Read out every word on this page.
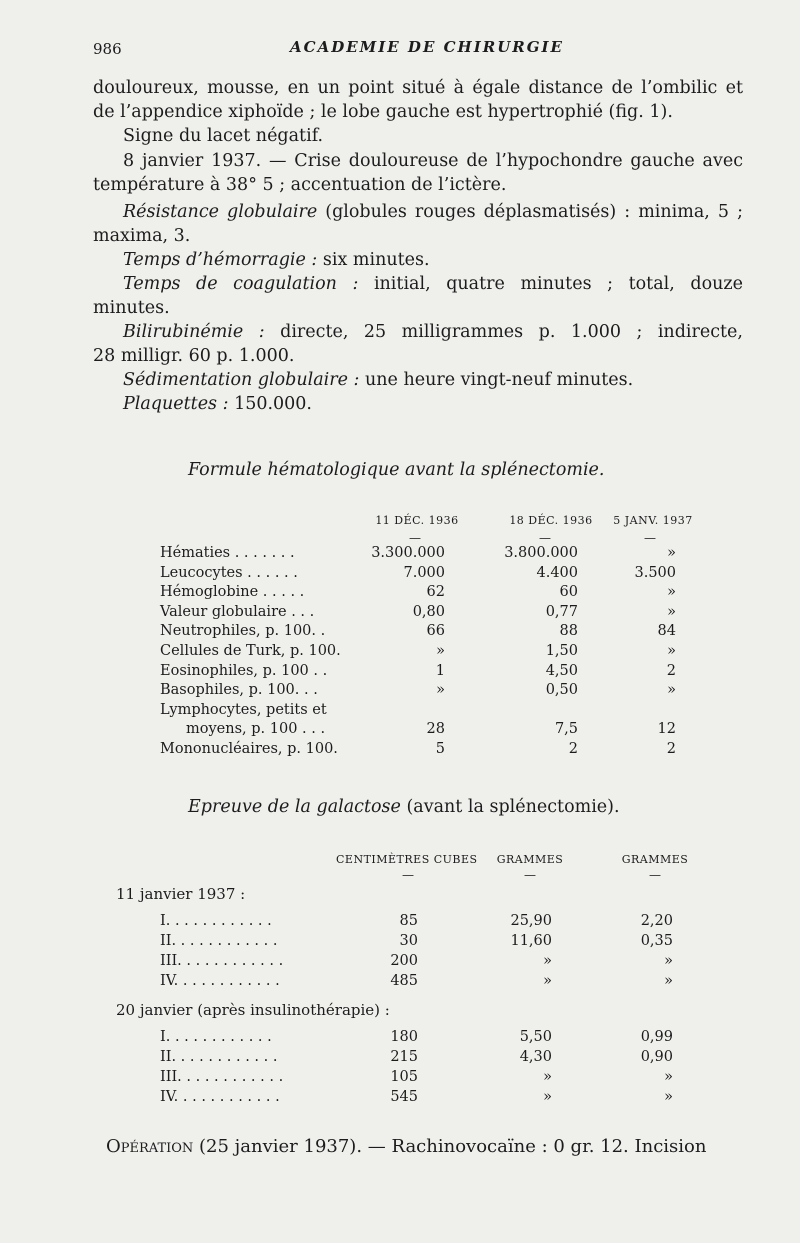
986	ACADEMIE DE CHIRURGIE
douloureux, mousse, en un point situé à égale distance de l’ombilic et
de l’appendice xiphoïde ; le lobe gauche est hypertrophié (fig. 1).
Signe du lacet négatif.
8 janvier 1937. — Crise douloureuse de l’hypochondre gauche avec
température à 38° 5 ; accentuation de l’ictère.
Résistance globulaire (globules rouges déplasmatisés) : minima, 5 ;
maxima, 3.
Temps d’hémorragie : six minutes.
Temps de coagulation : initial, quatre minutes ; total, douze
minutes.
Bilirubinémie : directe, 25 milligrammes p. 1.000 ; indirecte,
28 milligr. 60 p. 1.000.
Sédimentation globulaire : une heure vingt-neuf minutes.
Plaquettes : 150.000.
Formule hématologique avant la splénectomie.
11 DÉC. 1936	18 DÉC. 1936	5 JANV. 1937
—	—	—
Hématies . . . . . . .	3.300.000	3.800.000	»
Leucocytes . . . . . .	7.000	4.400	3.500
Hémoglobine . . . . .	62	60	»
Valeur globulaire . . .	0,80	0,77	»
Neutrophiles, p. 100. .	66	88	84
Cellules de Turk, p. 100.	»	1,50	»
Eosinophiles, p. 100 . .	1	4,50	2
Basophiles, p. 100. . .	»	0,50	»
Lymphocytes, petits et
moyens, p. 100 . . .	28	7,5	12
Mononucléaires, p. 100.	5	2	2
Epreuve de la galactose (avant la splénectomie).
CENTIMÈTRES CUBES	GRAMMES	GRAMMES
—	—	—
11 janvier 1937 :
I. . . . . . . . . . . .	85	25,90	2,20
II. . . . . . . . . . . .	30	11,60	0,35
III. . . . . . . . . . . .	200	»	»
IV. . . . . . . . . . . .	485	»	»
20 janvier (après insulinothérapie) :
I. . . . . . . . . . . .	180	5,50	0,99
II. . . . . . . . . . . .	215	4,30	0,90
III. . . . . . . . . . . .	105	»	»
IV. . . . . . . . . . . .	545	»	»
Opération (25 janvier 1937). — Rachinovocaïne : 0 gr. 12. Incision
